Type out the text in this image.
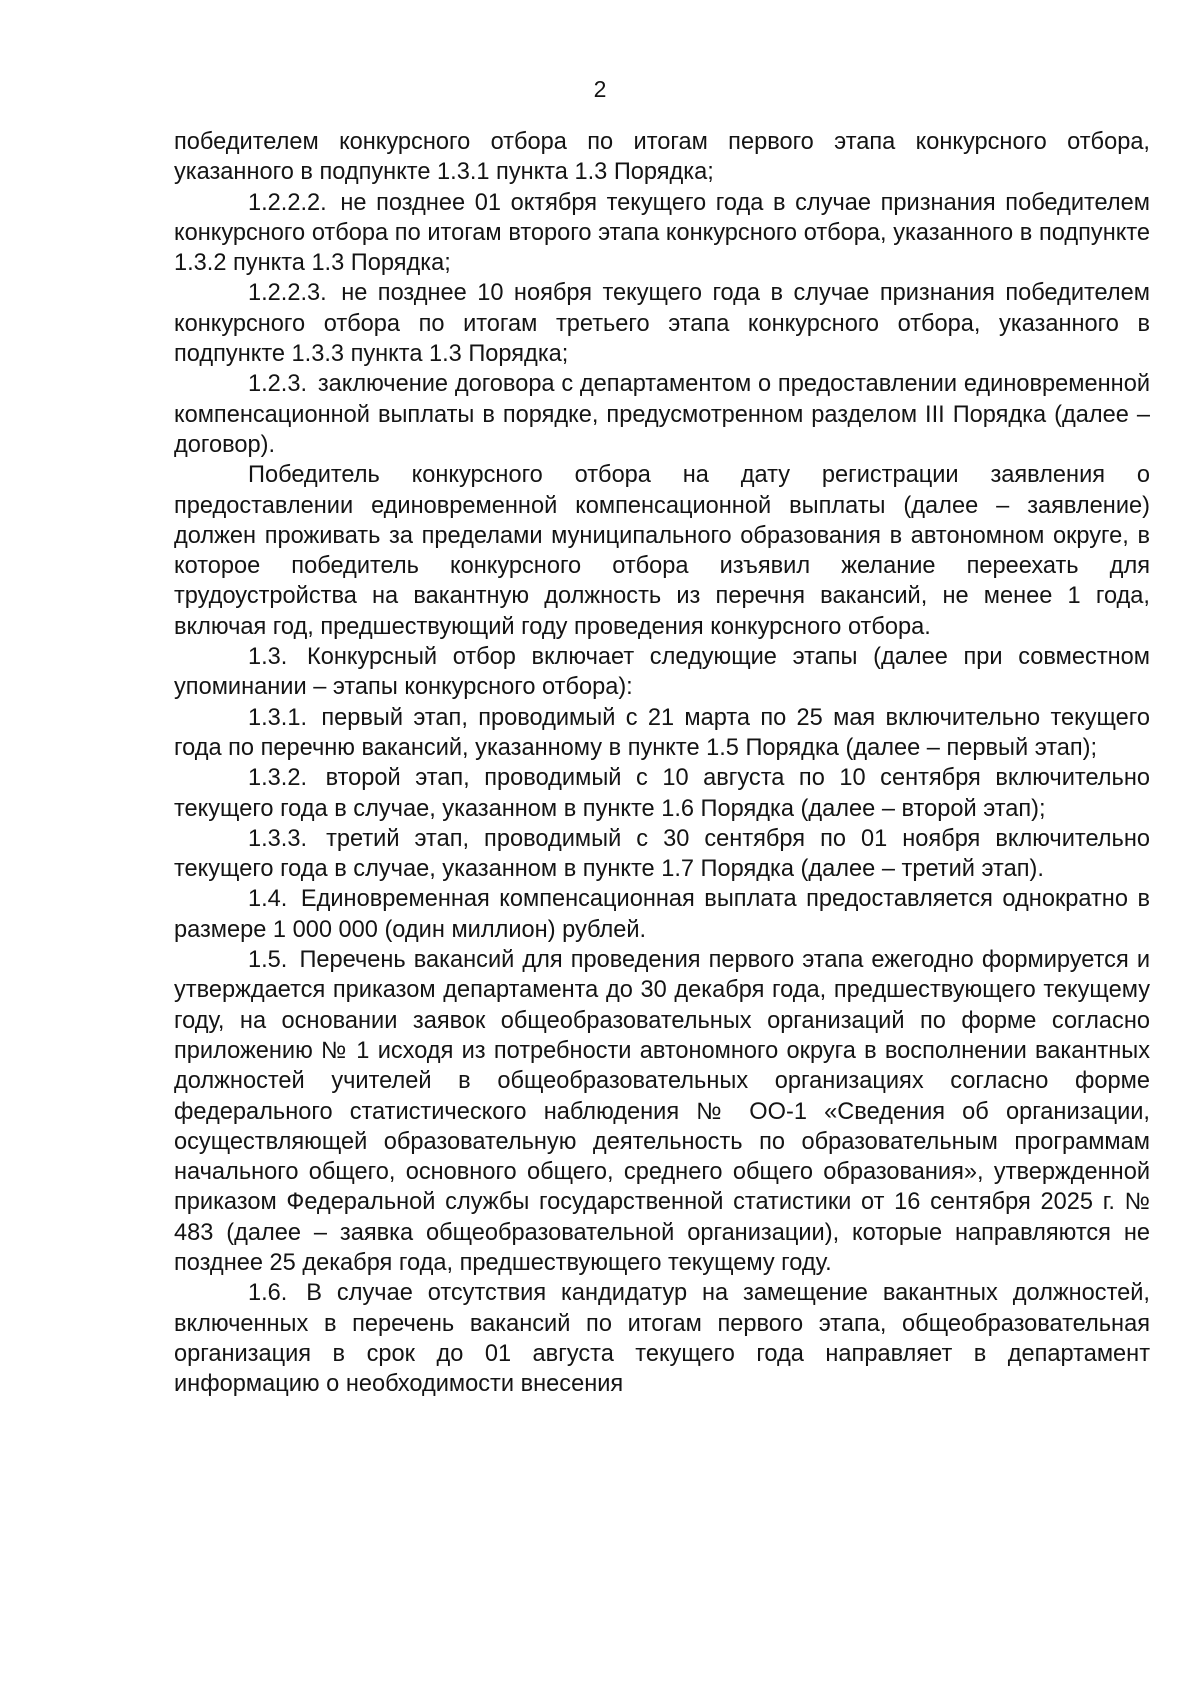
2

победителем конкурсного отбора по итогам первого этапа конкурсного отбора, указанного в подпункте 1.3.1 пункта 1.3 Порядка;

1.2.2.2. не позднее 01 октября текущего года в случае признания победителем конкурсного отбора по итогам второго этапа конкурсного отбора, указанного в подпункте 1.3.2 пункта 1.3 Порядка;

1.2.2.3. не позднее 10 ноября текущего года в случае признания победителем конкурсного отбора по итогам третьего этапа конкурсного отбора, указанного в подпункте 1.3.3 пункта 1.3 Порядка;

1.2.3. заключение договора с департаментом о предоставлении единовременной компенсационной выплаты в порядке, предусмотренном разделом III Порядка (далее – договор).

Победитель конкурсного отбора на дату регистрации заявления о предоставлении единовременной компенсационной выплаты (далее – заявление) должен проживать за пределами муниципального образования в автономном округе, в которое победитель конкурсного отбора изъявил желание переехать для трудоустройства на вакантную должность из перечня вакансий, не менее 1 года, включая год, предшествующий году проведения конкурсного отбора.

1.3. Конкурсный отбор включает следующие этапы (далее при совместном упоминании – этапы конкурсного отбора):

1.3.1. первый этап, проводимый с 21 марта по 25 мая включительно текущего года по перечню вакансий, указанному в пункте 1.5 Порядка (далее – первый этап);

1.3.2. второй этап, проводимый с 10 августа по 10 сентября включительно текущего года в случае, указанном в пункте 1.6 Порядка (далее – второй этап);

1.3.3. третий этап, проводимый с 30 сентября по 01 ноября включительно текущего года в случае, указанном в пункте 1.7 Порядка (далее – третий этап).

1.4. Единовременная компенсационная выплата предоставляется однократно в размере 1 000 000 (один миллион) рублей.

1.5. Перечень вакансий для проведения первого этапа ежегодно формируется и утверждается приказом департамента до 30 декабря года, предшествующего текущему году, на основании заявок общеобразовательных организаций по форме согласно приложению № 1 исходя из потребности автономного округа в восполнении вакантных должностей учителей в общеобразовательных организациях согласно форме федерального статистического наблюдения № ОО-1 «Сведения об организации, осуществляющей образовательную деятельность по образовательным программам начального общего, основного общего, среднего общего образования», утвержденной приказом Федеральной службы государственной статистики от 16 сентября 2025 г. № 483 (далее – заявка общеобразовательной организации), которые направляются не позднее 25 декабря года, предшествующего текущему году.

1.6. В случае отсутствия кандидатур на замещение вакантных должностей, включенных в перечень вакансий по итогам первого этапа, общеобразовательная организация в срок до 01 августа текущего года направляет в департамент информацию о необходимости внесения
